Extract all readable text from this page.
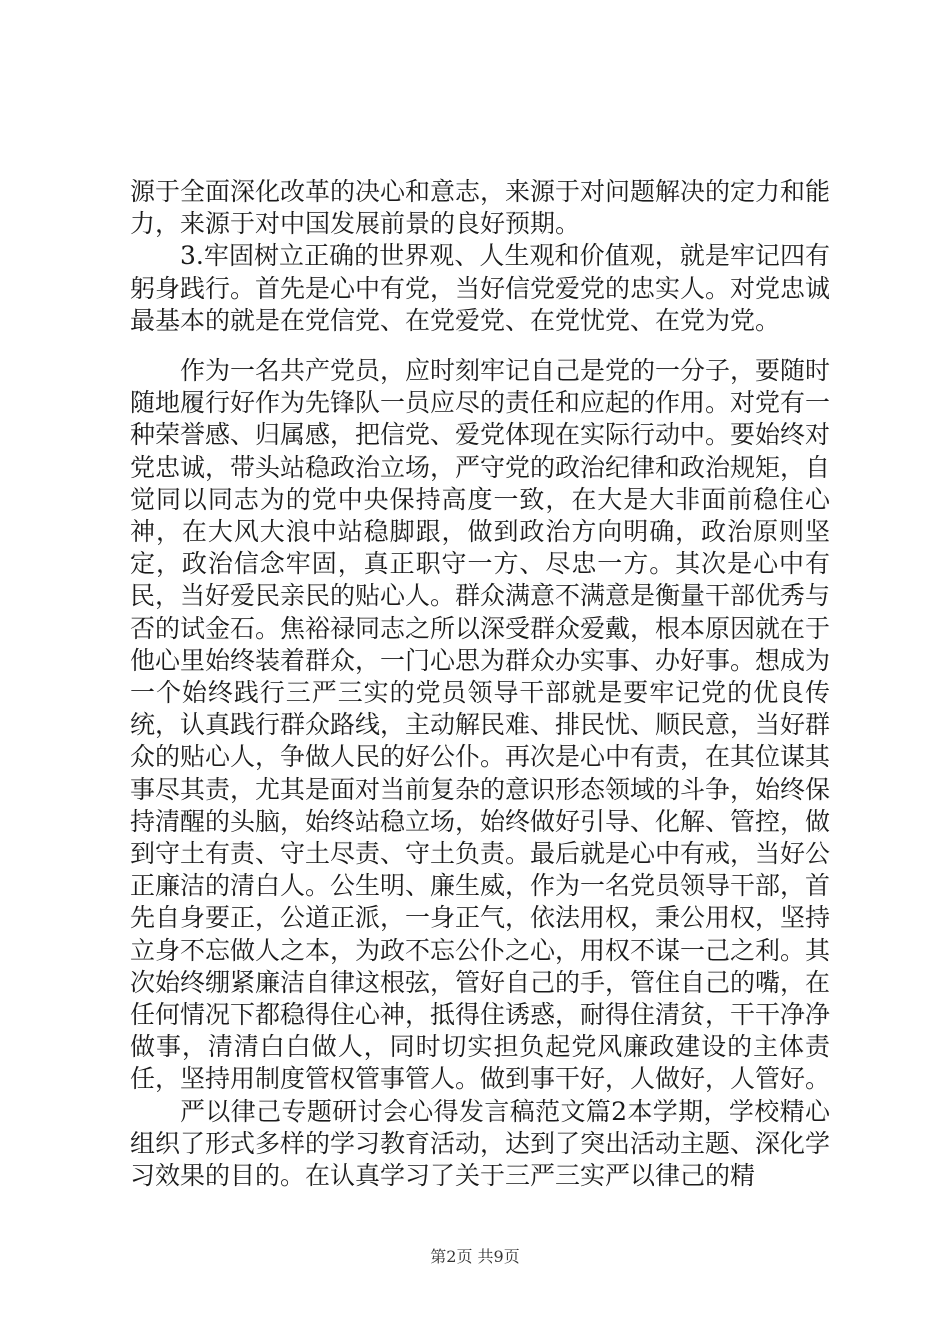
源于全面深化改革的决心和意志，来源于对问题解决的定力和能力，来源于对中国发展前景的良好预期。

3.牢固树立正确的世界观、人生观和价值观，就是牢记四有躬身践行。首先是心中有党，当好信党爱党的忠实人。对党忠诚最基本的就是在党信党、在党爱党、在党忧党、在党为党。

作为一名共产党员，应时刻牢记自己是党的一分子，要随时随地履行好作为先锋队一员应尽的责任和应起的作用。对党有一种荣誉感、归属感，把信党、爱党体现在实际行动中。要始终对党忠诚，带头站稳政治立场，严守党的政治纪律和政治规矩，自觉同以同志为的党中央保持高度一致，在大是大非面前稳住心神，在大风大浪中站稳脚跟，做到政治方向明确，政治原则坚定，政治信念牢固，真正职守一方、尽忠一方。其次是心中有民，当好爱民亲民的贴心人。群众满意不满意是衡量干部优秀与否的试金石。焦裕禄同志之所以深受群众爱戴，根本原因就在于他心里始终装着群众，一门心思为群众办实事、办好事。想成为一个始终践行三严三实的党员领导干部就是要牢记党的优良传统，认真践行群众路线，主动解民难、排民忧、顺民意，当好群众的贴心人，争做人民的好公仆。再次是心中有责，在其位谋其事尽其责，尤其是面对当前复杂的意识形态领域的斗争，始终保持清醒的头脑，始终站稳立场，始终做好引导、化解、管控，做到守土有责、守土尽责、守土负责。最后就是心中有戒，当好公正廉洁的清白人。公生明、廉生威，作为一名党员领导干部，首先自身要正，公道正派，一身正气，依法用权，秉公用权，坚持立身不忘做人之本，为政不忘公仆之心，用权不谋一己之利。其次始终绷紧廉洁自律这根弦，管好自己的手，管住自己的嘴，在任何情况下都稳得住心神，抵得住诱惑，耐得住清贫，干干净净做事，清清白白做人，同时切实担负起党风廉政建设的主体责任，坚持用制度管权管事管人。做到事干好，人做好，人管好。

严以律己专题研讨会心得发言稿范文篇2本学期，学校精心组织了形式多样的学习教育活动，达到了突出活动主题、深化学习效果的目的。在认真学习了关于三严三实严以律己的精

第2页 共9页
